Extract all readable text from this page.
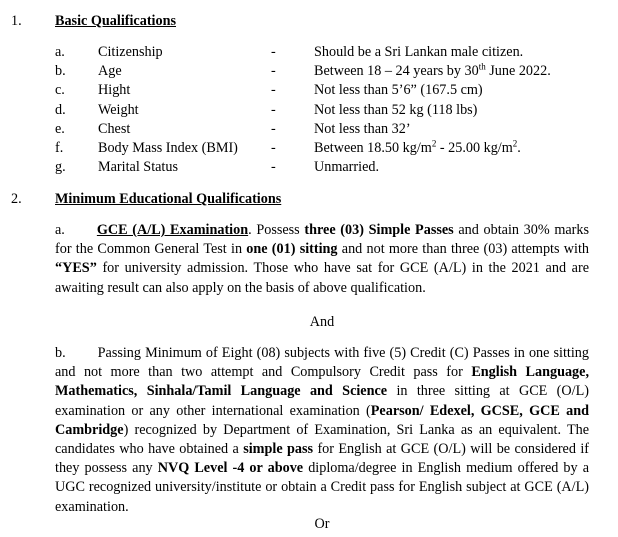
1. Basic Qualifications
a. Citizenship	-	Should be a Sri Lankan male citizen.
b. Age	-	Between 18 – 24 years by 30th June 2022.
c. Hight	-	Not less than 5’6” (167.5 cm)
d. Weight	-	Not less than 52 kg (118 lbs)
e. Chest	-	Not less than 32’
f. Body Mass Index (BMI) -	Between 18.50 $kg/m^2 - 25.00$ $kg/m^2$.
g. Marital Status	-	Unmarried.
2. Minimum Educational Qualifications
a. GCE (A/L) Examination. Possess three (03) Simple Passes and obtain 30% marks for the Common General Test in one (01) sitting and not more than three (03) attempts with “YES” for university admission. Those who have sat for GCE (A/L) in the 2021 and are awaiting result can also apply on the basis of above qualification.
And
b. Passing Minimum of Eight (08) subjects with five (5) Credit (C) Passes in one sitting and not more than two attempt and Compulsory Credit pass for English Language, Mathematics, Sinhala/Tamil Language and Science in three sitting at GCE (O/L) examination or any other international examination (Pearson/ Edexel, GCSE, GCE and Cambridge) recognized by Department of Examination, Sri Lanka as an equivalent. The candidates who have obtained a simple pass for English at GCE (O/L) will be considered if they possess any NVQ Level -4 or above diploma/degree in English medium offered by a UGC recognized university/institute or obtain a Credit pass for English subject at GCE (A/L) examination.
Or
